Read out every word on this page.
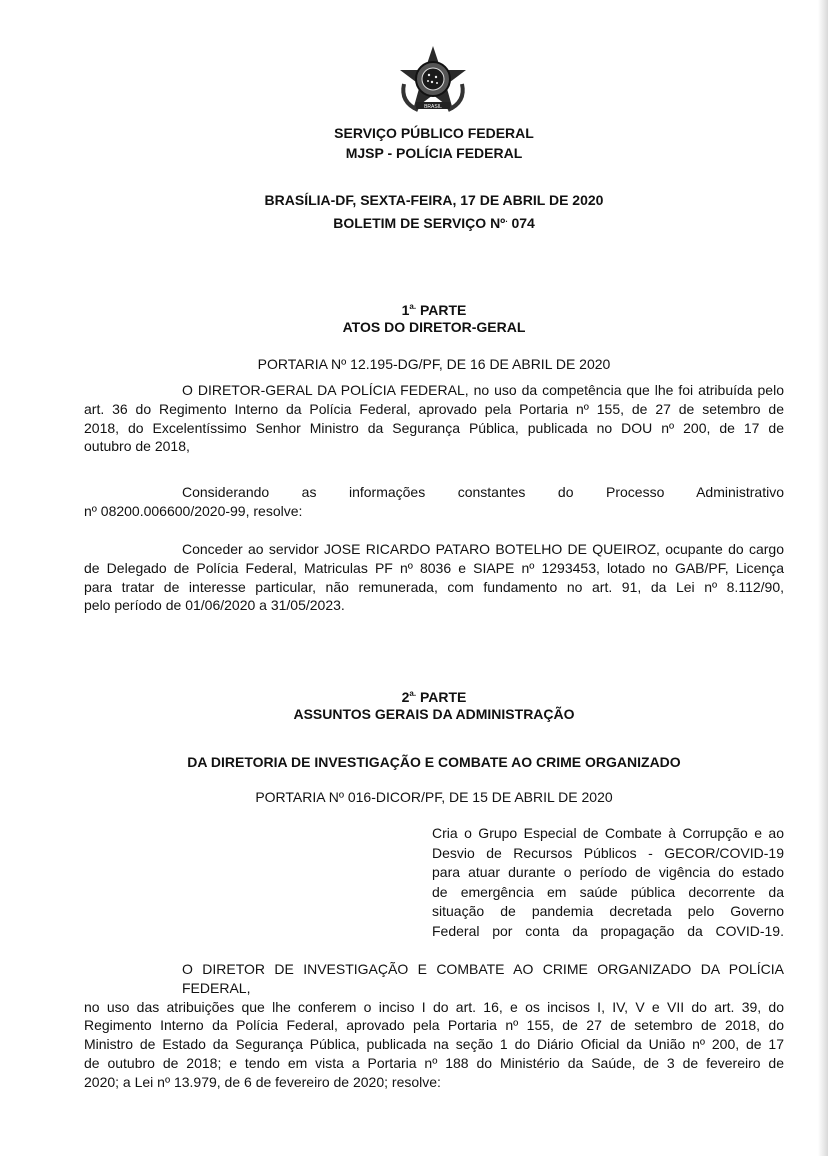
BRASIL
SERVIÇO PÚBLICO FEDERAL
MJSP - POLÍCIA FEDERAL
BRASÍLIA-DF, SEXTA-FEIRA, 17 DE ABRIL DE 2020
BOLETIM DE SERVIÇO Nº. 074
$1^{a.}$ PARTE
ATOS DO DIRETOR-GERAL
PORTARIA Nº 12.195-DG/PF, DE 16 DE ABRIL DE 2020
O DIRETOR-GERAL DA POLÍCIA FEDERAL, no uso da competência que lhe foi atribuída pelo
art. 36 do Regimento Interno da Polícia Federal, aprovado pela Portaria nº 155, de 27 de setembro de
2018, do Excelentíssimo Senhor Ministro da Segurança Pública, publicada no DOU nº 200, de 17 de
outubro de 2018,
Considerando as informações constantes do Processo Administrativo
nº 08200.006600/2020-99, resolve:
Conceder ao servidor JOSE RICARDO PATARO BOTELHO DE QUEIROZ, ocupante do cargo
de Delegado de Polícia Federal, Matriculas PF nº 8036 e SIAPE nº 1293453, lotado no GAB/PF, Licença
para tratar de interesse particular, não remunerada, com fundamento no art. 91, da Lei nº 8.112/90,
pelo período de 01/06/2020 a 31/05/2023.
$2^{a.}$ PARTE
ASSUNTOS GERAIS DA ADMINISTRAÇÃO
DA DIRETORIA DE INVESTIGAÇÃO E COMBATE AO CRIME ORGANIZADO
PORTARIA Nº 016-DICOR/PF, DE 15 DE ABRIL DE 2020
Cria o Grupo Especial de Combate à Corrupção e ao
Desvio de Recursos Públicos - GECOR/COVID-19
para atuar durante o período de vigência do estado
de emergência em saúde pública decorrente da
situação de pandemia decretada pelo Governo
Federal por conta da propagação da COVID-19.
O DIRETOR DE INVESTIGAÇÃO E COMBATE AO CRIME ORGANIZADO DA POLÍCIA FEDERAL,
no uso das atribuições que lhe conferem o inciso I do art. 16, e os incisos I, IV, V e VII do art. 39, do
Regimento Interno da Polícia Federal, aprovado pela Portaria nº 155, de 27 de setembro de 2018, do
Ministro de Estado da Segurança Pública, publicada na seção 1 do Diário Oficial da União nº 200, de 17
de outubro de 2018; e tendo em vista a Portaria nº 188 do Ministério da Saúde, de 3 de fevereiro de
2020; a Lei nº 13.979, de 6 de fevereiro de 2020; resolve:
